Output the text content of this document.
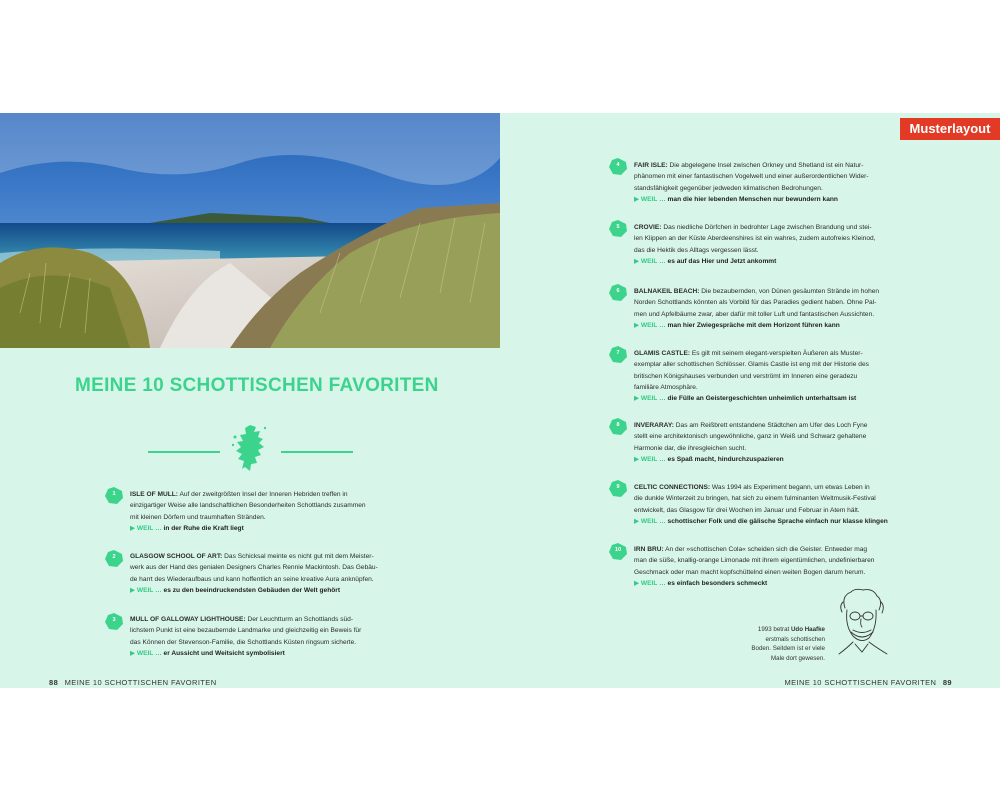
MEINE 10 SCHOTTISCHEN FAVORITEN
1	ISLE OF MULL: Auf der zweitgrößten Insel der Inneren Hebriden treffen in
einzigartiger Weise alle landschaftlichen Besonderheiten Schottlands zusammen
mit kleinen Dörfern und traumhaften Stränden.
▶ WEIL … in der Ruhe die Kraft liegt
2	GLASGOW SCHOOL OF ART: Das Schicksal meinte es nicht gut mit dem Meister-
werk aus der Hand des genialen Designers Charles Rennie Mackintosh. Das Gebäu-
de harrt des Wiederaufbaus und kann hoffentlich an seine kreative Aura anknüpfen.
▶ WEIL … es zu den beeindruckendsten Gebäuden der Welt gehört
3	MULL OF GALLOWAY LIGHTHOUSE: Der Leuchtturm an Schottlands süd-
lichstem Punkt ist eine bezaubernde Landmarke und gleichzeitig ein Beweis für
das Können der Stevenson-Familie, die Schottlands Küsten ringsum sicherte.
▶ WEIL … er Aussicht und Weitsicht symbolisiert
4	FAIR ISLE: Die abgelegene Insel zwischen Orkney und Shetland ist ein Natur-
phänomen mit einer fantastischen Vogelwelt und einer außerordentlichen Wider-
standsfähigkeit gegenüber jedweden klimatischen Bedrohungen.
▶ WEIL … man die hier lebenden Menschen nur bewundern kann
5	CROVIE: Das niedliche Dörfchen in bedrohter Lage zwischen Brandung und stei-
len Klippen an der Küste Aberdeenshires ist ein wahres, zudem autofreies Kleinod,
das die Hektik des Alltags vergessen lässt.
▶ WEIL … es auf das Hier und Jetzt ankommt
6	BALNAKEIL BEACH: Die bezaubernden, von Dünen gesäumten Strände im hohen
Norden Schottlands könnten als Vorbild für das Paradies gedient haben. Ohne Pal-
men und Apfelbäume zwar, aber dafür mit toller Luft und fantastischen Aussichten.
▶ WEIL … man hier Zwiegespräche mit dem Horizont führen kann
7	GLAMIS CASTLE: Es gilt mit seinem elegant-verspielten Äußeren als Muster-
exemplar aller schottischen Schlösser. Glamis Castle ist eng mit der Historie des
britischen Königshauses verbunden und verströmt im Inneren eine geradezu
familiäre Atmosphäre.
▶ WEIL … die Fülle an Geistergeschichten unheimlich unterhaltsam ist
8	INVERARAY: Das am Reißbrett entstandene Städtchen am Ufer des Loch Fyne
stellt eine architektonisch ungewöhnliche, ganz in Weiß und Schwarz gehaltene
Harmonie dar, die ihresgleichen sucht.
▶ WEIL … es Spaß macht, hindurchzuspazieren
9	CELTIC CONNECTIONS: Was 1994 als Experiment begann, um etwas Leben in
die dunkle Winterzeit zu bringen, hat sich zu einem fulminanten Weltmusik-Festival
entwickelt, das Glasgow für drei Wochen im Januar und Februar in Atem hält.
▶ WEIL … schottischer Folk und die gälische Sprache einfach nur klasse klingen
10	IRN BRU: An der »schottischen Cola« scheiden sich die Geister. Entweder mag
man die süße, knallig-orange Limonade mit ihrem eigentümlichen, undefinierbaren
Geschmack oder man macht kopfschüttelnd einen weiten Bogen darum herum.
▶ WEIL … es einfach besonders schmeckt
88 MEINE 10 SCHOTTISCHEN FAVORITEN	MEINE 10 SCHOTTISCHEN FAVORITEN 89
Musterlayout
1993 betrat Udo Haafke erstmals schottischen Boden. Seitdem ist er viele Male dort gewesen.
